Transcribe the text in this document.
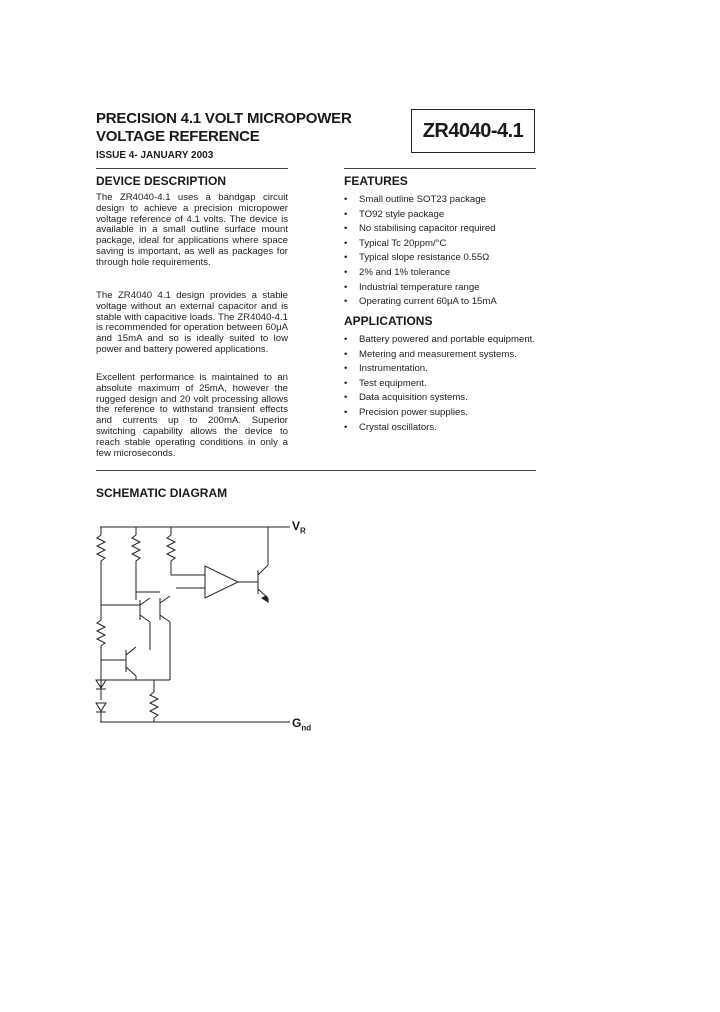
PRECISION 4.1 VOLT MICROPOWER
VOLTAGE REFERENCE
ISSUE 4- JANUARY 2003
ZR4040-4.1
DEVICE DESCRIPTION
The ZR4040-4.1 uses a bandgap circuit design to achieve a precision micropower voltage reference of 4.1 volts. The device is available in a small outline surface mount package, ideal for applications where space saving is important, as well as packages for through hole requirements.
The ZR4040 4.1 design provides a stable voltage without an external capacitor and is stable with capacitive loads. The ZR4040-4.1 is recommended for operation between 60μA and 15mA and so is ideally suited to low power and battery powered applications.
Excellent performance is maintained to an absolute maximum of 25mA, however the rugged design and 20 volt processing allows the reference to withstand transient effects and currents up to 200mA. Superior switching capability allows the device to reach stable operating conditions in only a few microseconds.
FEATURES
• Small outline SOT23 package
• TO92 style package
• No stabilising capacitor required
• Typical Tc 20ppm/°C
• Typical slope resistance 0.55Ω
• 2% and 1% tolerance
• Industrial temperature range
• Operating current 60μA to 15mA
APPLICATIONS
• Battery powered and portable equipment.
• Metering and measurement systems.
• Instrumentation.
• Test equipment.
• Data acquisition systems.
• Precision power supplies.
• Crystal oscillators.
SCHEMATIC DIAGRAM
$V_R$
$G_{nd}$
